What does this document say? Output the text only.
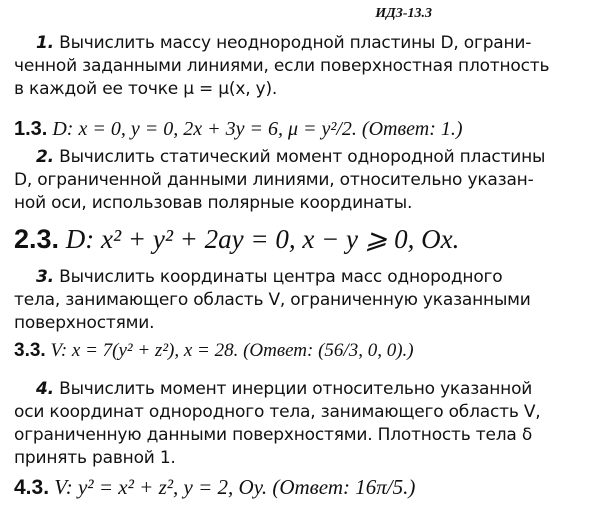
ИДЗ-13.3
1. Вычислить массу неоднородной пластины D, ограни-
ченной заданными линиями, если поверхностная плотность
в каждой ее точке μ = μ(x, y).
1.3. D: x = 0, y = 0, 2x + 3y = 6, μ = y²/2. (Ответ: 1.)
2. Вычислить статический момент однородной пластины
D, ограниченной данными линиями, относительно указан-
ной оси, использовав полярные координаты.
2.3. D: x² + y² + 2ay = 0, x − y ⩾ 0, Ox.
3. Вычислить координаты центра масс однородного
тела, занимающего область V, ограниченную указанными
поверхностями.
3.3. V: x = 7(y² + z²), x = 28. (Ответ: (56/3, 0, 0).)
4. Вычислить момент инерции относительно указанной
оси координат однородного тела, занимающего область V,
ограниченную данными поверхностями. Плотность тела δ
принять равной 1.
4.3. V: y² = x² + z², y = 2, Oy. (Ответ: 16π/5.)
